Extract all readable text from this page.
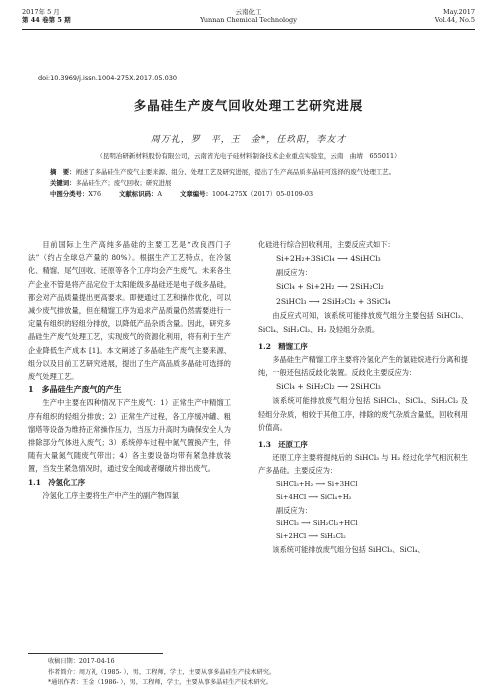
2017年 5 月
第 44 卷第 5 期
云南化工
Yunnan Chemical Technology
May.2017
Vol.44, No.5
doi:10.3969/j.issn.1004-275X.2017.05.030
多晶硅生产废气回收处理工艺研究进展
周万礼，罗　平，王　金*，任玖阳，李友才
（昆明冶研新材料股份有限公司，云南省光电子硅材料制备技术企业重点实验室，云南　曲靖　655011）

摘　要：阐述了多晶硅生产废气主要来源、组分、处理工艺及研究进展，提出了生产高品质多晶硅可选择的废气处理工艺。

关键词：多晶硅生产；废气回收；研究进展

中图分类号：X76	文献标识码：A	文章编号：1004-275X（2017）05-0109-03

目前国际上生产高纯多晶硅的主要工艺是“改良西门子法”（约占全球总产量的 80%）。根据生产工艺特点，在冷氢化、精馏、尾气回收、还原等各个工序均会产生废气。未来各生产企业不管是将产品定位于太阳能级多晶硅还是电子级多晶硅，都会对产品质量提出更高要求。即便通过工艺和操作优化，可以减少废气排放量，但在精馏工序为追求产品质量仍然需要进行一定量有组织的轻组分排放，以降低产品杂质含量。因此，研究多晶硅生产废气处理工艺，实现废气的资源化利用，将有利于生产企业降低生产成本 [1]。本文阐述了多晶硅生产废气主要来源、组分以及目前工艺研究进展，提出了生产高品质多晶硅可选择的废气处理工艺。

1　多晶硅生产废气的产生

生产中主要在四种情况下产生废气：1）正常生产中精馏工序有组织的轻组分排放；2）正常生产过程，各工序缓冲罐、粗馏塔等设备为维持正常操作压力，当压力升高时为确保安全人为排除部分气体进入废气；3）系统停车过程中氮气置换产生，伴随有大量氮气随废气带出；4）各主要设备均带有紧急排放装置，当发生紧急情况时，通过安全阀或者爆破片排出废气。

1.1　冷氢化工序

冷氢化工序主要将生产中产生的副产物四氯

化硅进行综合回收利用，主要反应式如下：

Si+2H₂+3SiCl₄ ⟶ 4SiHCl₃

副反应为：

SiCl₄ + Si+2H₂ ⟶ 2SiH₂Cl₂

2SiHCl₃ ⟶ 2SiH₂Cl₂ + 3SiCl₄

由反应式可知，该系统可能排放废气组分主要包括 SiHCl₃、SiCl₄、SiH₂Cl₂、H₂ 及轻组分杂质。

1.2　精馏工序

多晶硅生产精馏工序主要将冷氢化产生的氯硅烷进行分离和提纯，一般还包括反歧化装置。反歧化主要反应为：

SiCl₄ + SiH₂Cl₂ ⟶ 2SiHCl₃

该系统可能排放废气组分包括 SiHCl₃、SiCl₄、SiH₂Cl₂ 及轻组分杂质，相较于其他工序，排除的废气杂质含量低，回收利用价值高。

1.3　还原工序

还原工序主要将提纯后的 SiHCl₃ 与 H₂ 经过化学气相沉积生产多晶硅。主要反应为：

SiHCl₃+H₂ ⟶ Si+3HCl

Si+4HCl ⟶ SiCl₄+H₂

副反应为：

SiHCl₃ ⟶ SiH₂Cl₂+HCl

Si+2HCl ⟶ SiH₂Cl₂

该系统可能排放废气组分包括 SiHCl₃、SiCl₄、

收稿日期：2017-04-16

作者简介：周万礼（1985- ），男，工程师，学士，主要从事多晶硅生产技术研究。

*通讯作者：王金（1986- ），男，工程师，学士，主要从事多晶硅生产技术研究。
